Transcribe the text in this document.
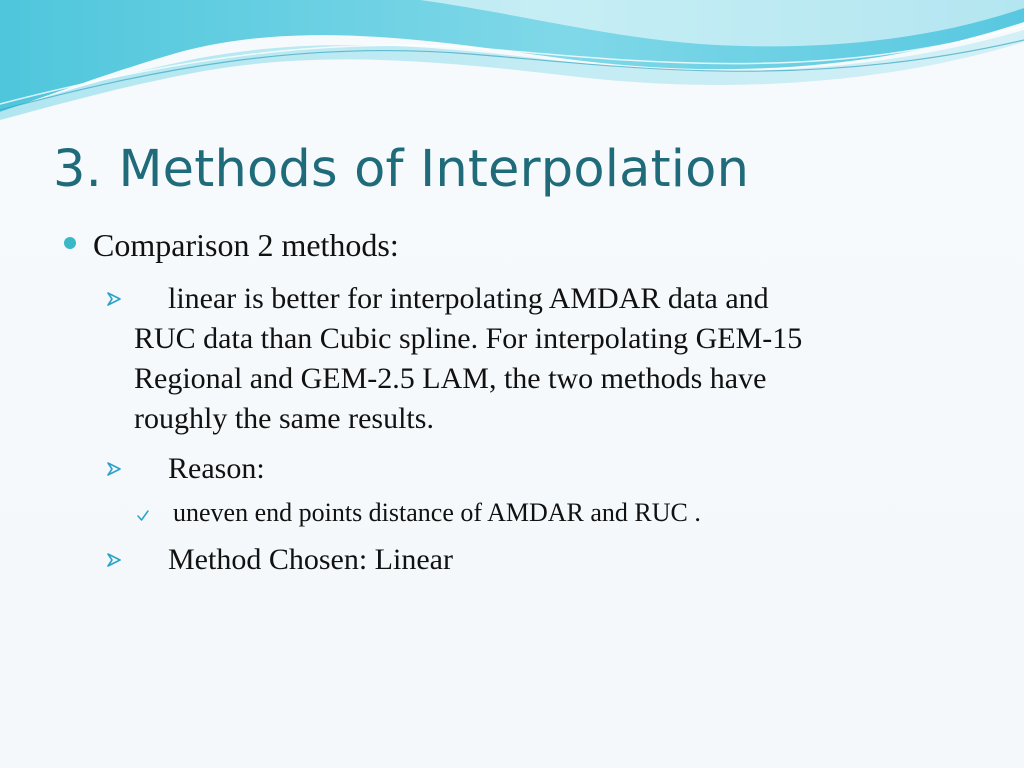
3. Methods of Interpolation
Comparison 2 methods:
linear is better for interpolating AMDAR data and
RUC data than Cubic spline. For interpolating GEM-15
Regional and GEM-2.5 LAM, the two methods have
roughly the same results.
Reason:
uneven end points distance of AMDAR and RUC .
Method Chosen: Linear
